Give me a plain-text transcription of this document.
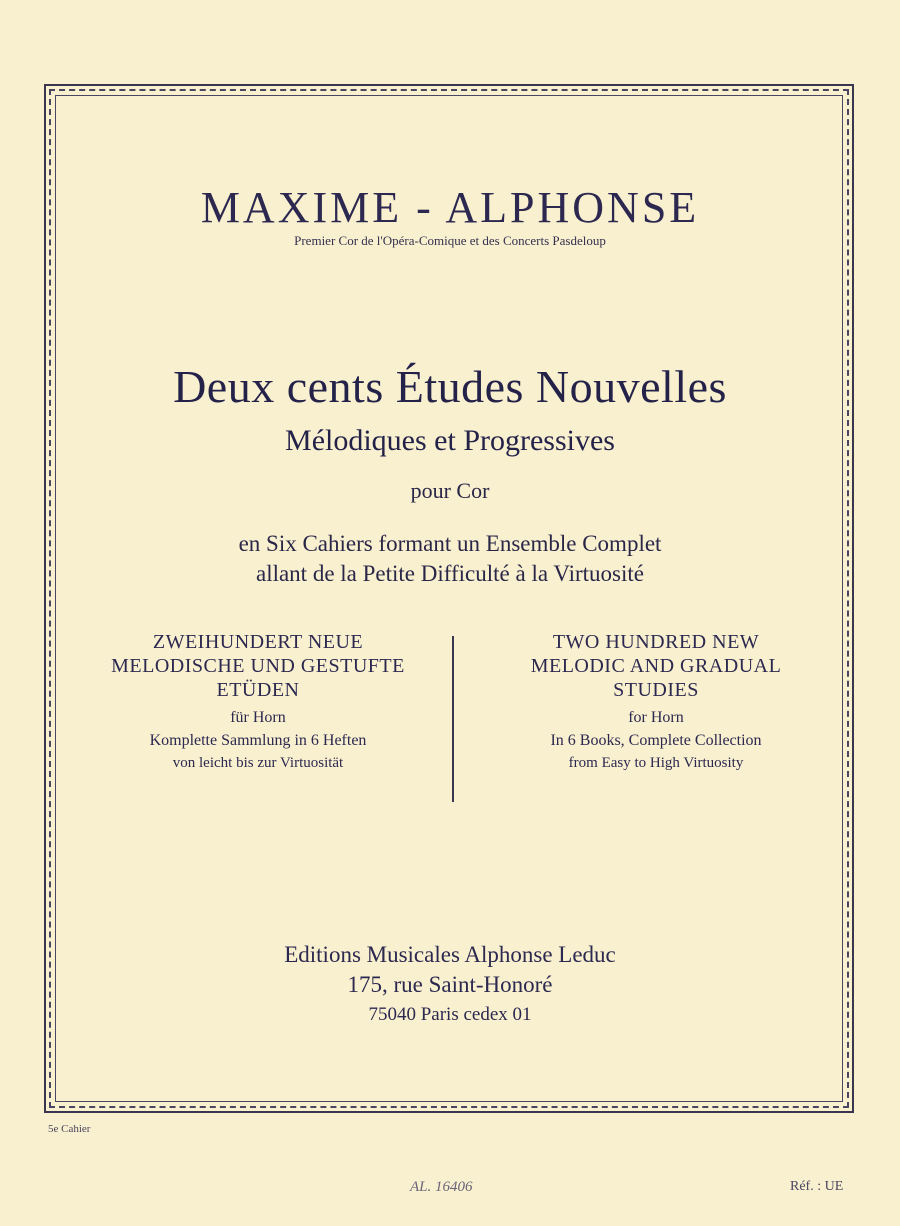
MAXIME - ALPHONSE
Premier Cor de l'Opéra-Comique et des Concerts Pasdeloup
Deux cents Études Nouvelles
Mélodiques et Progressives
pour Cor
en Six Cahiers formant un Ensemble Complet
allant de la Petite Difficulté à la Virtuosité
ZWEIHUNDERT NEUE
MELODISCHE UND GESTUFTE
ETÜDEN
für Horn
Komplette Sammlung in 6 Heften
von leicht bis zur Virtuosität
TWO HUNDRED NEW
MELODIC AND GRADUAL
STUDIES
for Horn
In 6 Books, Complete Collection
from Easy to High Virtuosity
Editions Musicales Alphonse Leduc
175, rue Saint-Honoré
75040 Paris cedex 01
5e Cahier
AL. 16406	Réf. : UE
